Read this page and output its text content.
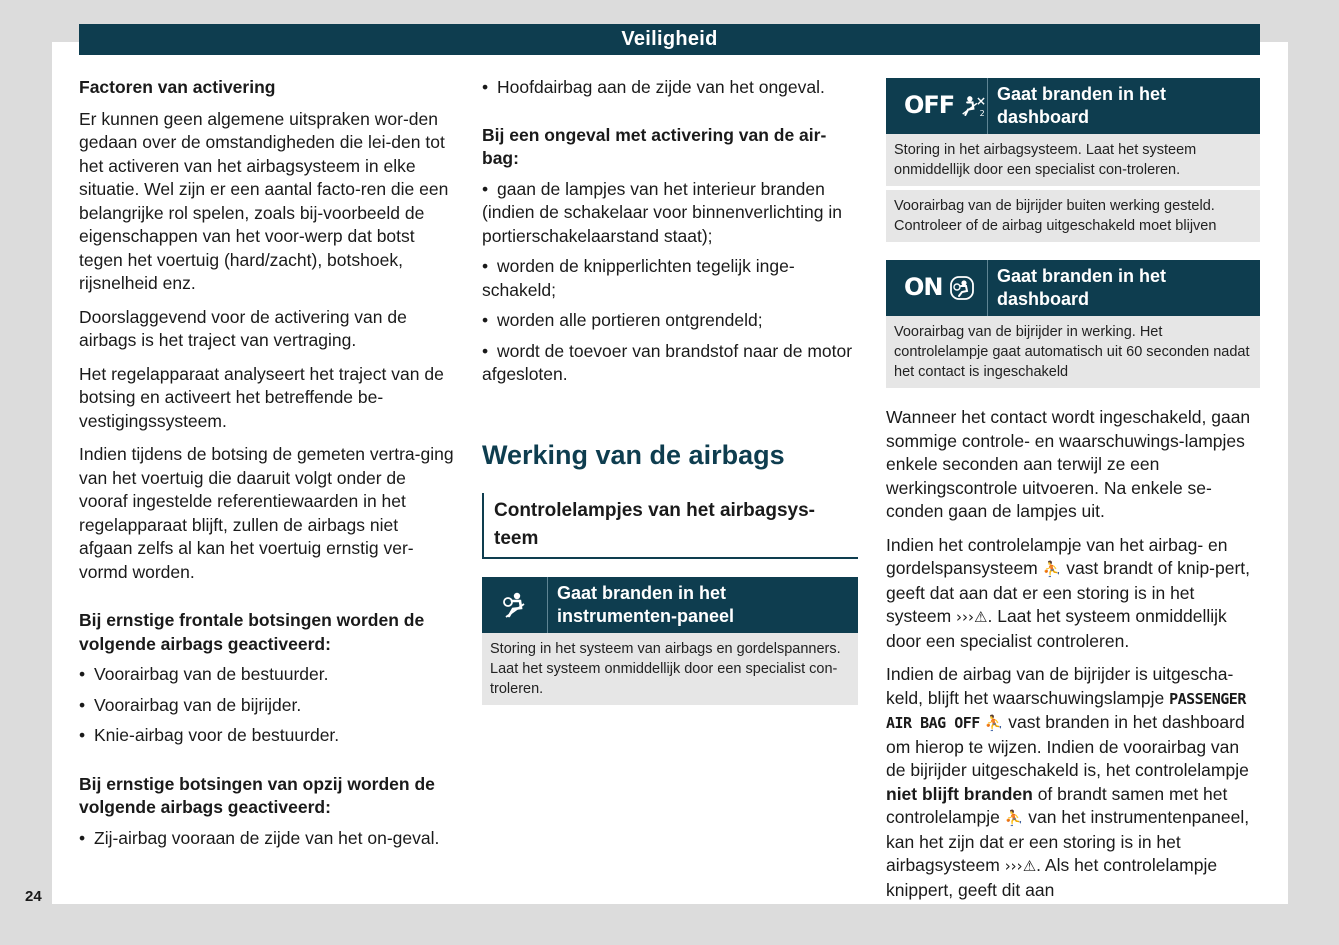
Veiligheid
24
Factoren van activering

Er kunnen geen algemene uitspraken wor-den gedaan over de omstandigheden die lei-den tot het activeren van het airbagsysteem in elke situatie. Wel zijn er een aantal facto-ren die een belangrijke rol spelen, zoals bij-voorbeeld de eigenschappen van het voor-werp dat botst tegen het voertuig (hard/zacht), botshoek, rijsnelheid enz.

Doorslaggevend voor de activering van de airbags is het traject van vertraging.

Het regelapparaat analyseert het traject van de botsing en activeert het betreffende be-vestigingssysteem.

Indien tijdens de botsing de gemeten vertra-ging van het voertuig die daaruit volgt onder de vooraf ingestelde referentiewaarden in het regelapparaat blijft, zullen de airbags niet afgaan zelfs al kan het voertuig ernstig ver-vormd worden.

Bij ernstige frontale botsingen worden de volgende airbags geactiveerd:
• Voorairbag van de bestuurder.
• Voorairbag van de bijrijder.
• Knie-airbag voor de bestuurder.
Bij ernstige botsingen van opzij worden de volgende airbags geactiveerd:
• Zij-airbag vooraan de zijde van het on-geval.
• Hoofdairbag aan de zijde van het ongeval.
Bij een ongeval met activering van de air-bag:
• gaan de lampjes van het interieur branden (indien de schakelaar voor binnenverlichting in portierschakelaarstand staat);
• worden de knipperlichten tegelijk inge-schakeld;
• worden alle portieren ontgrendeld;
• wordt de toevoer van brandstof naar de motor afgesloten.
Werking van de airbags
Controlelampjes van het airbagsys-teem
Gaat branden in het instrumenten-paneel
Storing in het systeem van airbags en gordelspanners. Laat het systeem onmiddellijk door een specialist con-troleren.
OFF	2
Gaat branden in het dashboard
Storing in het airbagsysteem. Laat het systeem onmiddellijk door een specialist con-troleren.
Voorairbag van de bijrijder buiten werking gesteld. Controleer of de airbag uitgeschakeld moet blijven
ON	Gaat branden in het dashboard
Voorairbag van de bijrijder in werking. Het controlelampje gaat automatisch uit 60 seconden nadat het contact is ingeschakeld

Wanneer het contact wordt ingeschakeld, gaan sommige controle- en waarschuwings-lampjes enkele seconden aan terwijl ze een werkingscontrole uitvoeren. Na enkele se-conden gaan de lampjes uit.

Indien het controlelampje van het airbag- en gordelspansysteem ⛹ vast brandt of knip-pert, geeft dat aan dat er een storing is in het systeem ›››⚠. Laat het systeem onmiddellijk door een specialist controleren.

Indien de airbag van de bijrijder is uitgescha-keld, blijft het waarschuwingslampje PASSENGER AIR BAG OFF ⛹ vast branden in het dashboard om hierop te wijzen. Indien de voorairbag van de bijrijder uitgeschakeld is, het controlelampje niet blijft branden of brandt samen met het controlelampje ⛹ van het instrumentenpaneel, kan het zijn dat er een storing is in het airbagsysteem ›››⚠. Als het controlelampje knippert, geeft dit aan
